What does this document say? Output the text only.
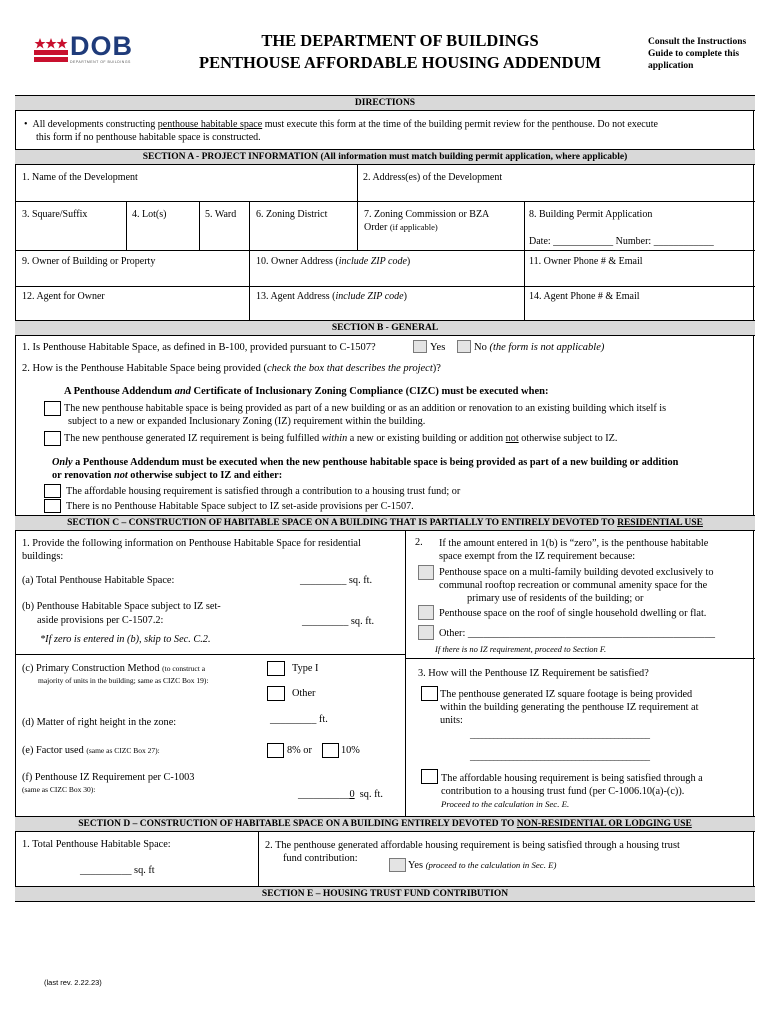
DOB
DEPARTMENT OF BUILDINGS
THE DEPARTMENT OF BUILDINGS
PENTHOUSE AFFORDABLE HOUSING ADDENDUM
Consult the Instructions
Guide to complete this
application
DIRECTIONS
•  All developments constructing penthouse habitable space must execute this form at the time of the building permit review for the penthouse. Do not execute
this form if no penthouse habitable space is constructed.
SECTION A - PROJECT INFORMATION (All information must match building permit application, where applicable)
1. Name of the Development	2. Address(es) of the Development
3. Square/Suffix	4. Lot(s)	5. Ward 6. Zoning District	7. Zoning Commission or BZA
Order (if applicable)
8. Building Permit Application
Date: ____________ Number: ____________
9. Owner of Building or Property	10. Owner Address (include ZIP code)	11. Owner Phone # & Email
12. Agent for Owner	13. Agent Address (include ZIP code)	14. Agent Phone # & Email
SECTION B - GENERAL
1. Is Penthouse Habitable Space, as defined in B-100, provided pursuant to C-1507?	Yes	No (the form is not applicable)
2. How is the Penthouse Habitable Space being provided (check the box that describes the project)?
A Penthouse Addendum and Certificate of Inclusionary Zoning Compliance (CIZC) must be executed when:
The new penthouse habitable space is being provided as part of a new building or as an addition or renovation to an existing building which itself is
subject to a new or expanded Inclusionary Zoning (IZ) requirement within the building.
The new penthouse generated IZ requirement is being fulfilled within a new or existing building or addition not otherwise subject to IZ.
Only a Penthouse Addendum must be executed when the new penthouse habitable space is being provided as part of a new building or addition
or renovation not otherwise subject to IZ and either:
The affordable housing requirement is satisfied through a contribution to a housing trust fund; or
There is no Penthouse Habitable Space subject to IZ set-aside provisions per C-1507.
SECTION C – CONSTRUCTION OF HABITABLE SPACE ON A BUILDING THAT IS PARTIALLY TO ENTIRELY DEVOTED TO RESIDENTIAL USE
1. Provide the following information on Penthouse Habitable Space for residential
buildings:
(a) Total Penthouse Habitable Space:	_________ sq. ft.
(b) Penthouse Habitable Space subject to IZ set-
aside provisions per C-1507.2:	_________ sq. ft.
*If zero is entered in (b), skip to Sec. C.2.
(c) Primary Construction Method (to construct a
majority of units in the building; same as CIZC Box 19):
Type I
Other
(d) Matter of right height in the zone:	_________ ft.
(e) Factor used (same as CIZC Box 27):	8% or	10%
(f) Penthouse IZ Requirement per C-1003
(same as CIZC Box 30):	__________0 sq. ft.
2. If the amount entered in 1(b) is “zero”, is the penthouse habitable
space exempt from the IZ requirement because:
Penthouse space on a multi-family building devoted exclusively to
communal rooftop recreation or communal amenity space for the
primary use of residents of the building; or
Penthouse space on the roof of single household dwelling or flat.
Other: ________________________________________________
If there is no IZ requirement, proceed to Section F.
3. How will the Penthouse IZ Requirement be satisfied?
The penthouse generated IZ square footage is being provided
within the building generating the penthouse IZ requirement at
units:
______________________________________________
______________________________________________
The affordable housing requirement is being satisfied through a
contribution to a housing trust fund (per C-1006.10(a)-(c)).
Proceed to the calculation in Sec. E.
SECTION D – CONSTRUCTION OF HABITABLE SPACE ON A BUILDING ENTIRELY DEVOTED TO NON-RESIDENTIAL OR LODGING USE
1. Total Penthouse Habitable Space:
__________ sq. ft
2. The penthouse generated affordable housing requirement is being satisfied through a housing trust
fund contribution:
Yes (proceed to the calculation in Sec. E)
SECTION E – HOUSING TRUST FUND CONTRIBUTION
(last rev. 2.22.23)
